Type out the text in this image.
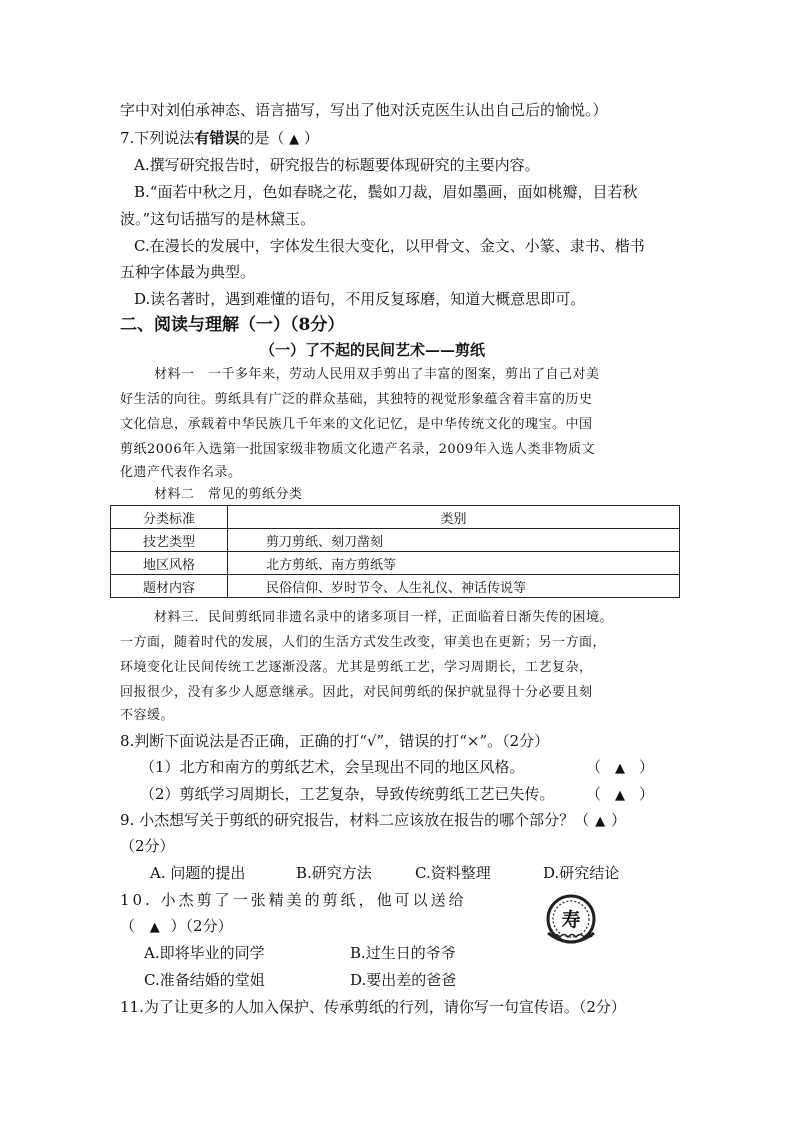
字中对刘伯承神态、语言描写，写出了他对沃克医生认出自己后的愉悦。）
7.下列说法有错误的是（ ▲ ）
A.撰写研究报告时，研究报告的标题要体现研究的主要内容。
B.“面若中秋之月，色如春晓之花，鬓如刀裁，眉如墨画，面如桃瓣，目若秋
波。”这句话描写的是林黛玉。
C.在漫长的发展中，字体发生很大变化，以甲骨文、金文、小篆、隶书、楷书
五种字体最为典型。
D.读名著时，遇到难懂的语句，不用反复琢磨，知道大概意思即可。
二、阅读与理解（一）（8分）
（一）了不起的民间艺术——剪纸
材料一　一千多年来，劳动人民用双手剪出了丰富的图案，剪出了自己对美
好生活的向往。剪纸具有广泛的群众基础，其独特的视觉形象蕴含着丰富的历史
文化信息，承载着中华民族几千年来的文化记忆，是中华传统文化的瑰宝。中国
剪纸2006年入选第一批国家级非物质文化遗产名录，2009年入选人类非物质文
化遗产代表作名录。
材料二　常见的剪纸分类
分类标准	类别
技艺类型	剪刀剪纸、刻刀凿刻
地区风格	北方剪纸、南方剪纸等
题材内容	民俗信仰、岁时节令、人生礼仪、神话传说等
材料三．民间剪纸同非遗名录中的诸多项目一样，正面临着日渐失传的困境。
一方面，随着时代的发展，人们的生活方式发生改变，审美也在更新；另一方面，
环境变化让民间传统工艺逐渐没落。尤其是剪纸工艺，学习周期长，工艺复杂，
回报很少，没有多少人愿意继承。因此，对民间剪纸的保护就显得十分必要且刻
不容缓。
8.判断下面说法是否正确，正确的打“√”，错误的打“×”。（2分）
（1）北方和南方的剪纸艺术，会呈现出不同的地区风格。	（ ▲ ）
（2）剪纸学习周期长，工艺复杂，导致传统剪纸工艺已失传。 （ ▲ ）
9. 小杰想写关于剪纸的研究报告，材料二应该放在报告的哪个部分？（ ▲ ）
（2分）
A. 问题的提出	B.研究方法	C.资料整理	D.研究结论
10. 小杰剪了一张精美的剪纸，他可以送给
（ ▲ ）（2分）
A.即将毕业的同学	B.过生日的爷爷
C.准备结婚的堂姐	D.要出差的爸爸
寿
11.为了让更多的人加入保护、传承剪纸的行列，请你写一句宣传语。（2分）
